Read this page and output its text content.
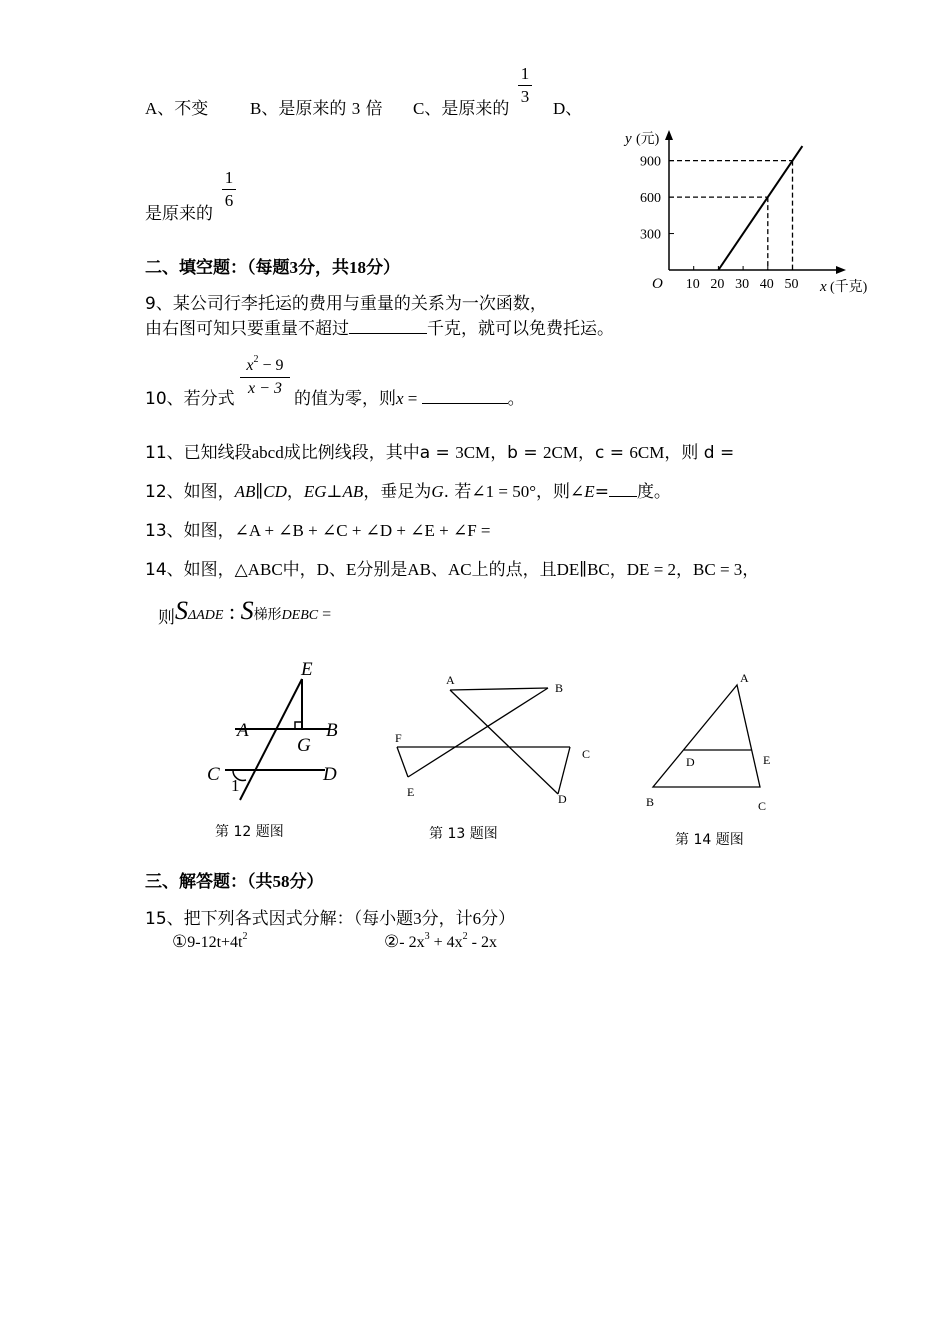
A、不变 B、是原来的 3 倍 C、是原来的
1
3
D、
是原来的
1
6
二、填空题：（每题3分，共18分）
y (元)
x (千克)
O
900
600
300
10 20 30 40 50
9、某公司行李托运的费用与重量的关系为一次函数，
由右图可知只要重量不超过	千克，就可以免费托运。
10、若分式
$x^2 - 9$
x − 3
的值为零，则x =	。
11、已知线段abcd成比例线段，其中a = 3CM，b = 2CM，c = 6CM，则 d =
12、如图，AB∥CD，EG⊥AB，垂足为G. 若∠1 = 50°，则∠E= 度。
13、如图，∠A + ∠B + ∠C + ∠D + ∠E + ∠F =
14、如图，△ABC中，D、E分别是AB、AC上的点，且DE∥BC，DE = 2，BC = 3，
则SΔADE : S梯形DEBC =
E
A	B
G
C	D
1
第 12 题图
A
B
F
C
E	D
第 13 题图
A
D	E
B	C
第 14 题图
三、解答题：（共58分）
15、把下列各式因式分解：（每小题3分，计6分）
$①9-12t+4t^2$	②- $2x^3 + 4x^2 - 2x$
